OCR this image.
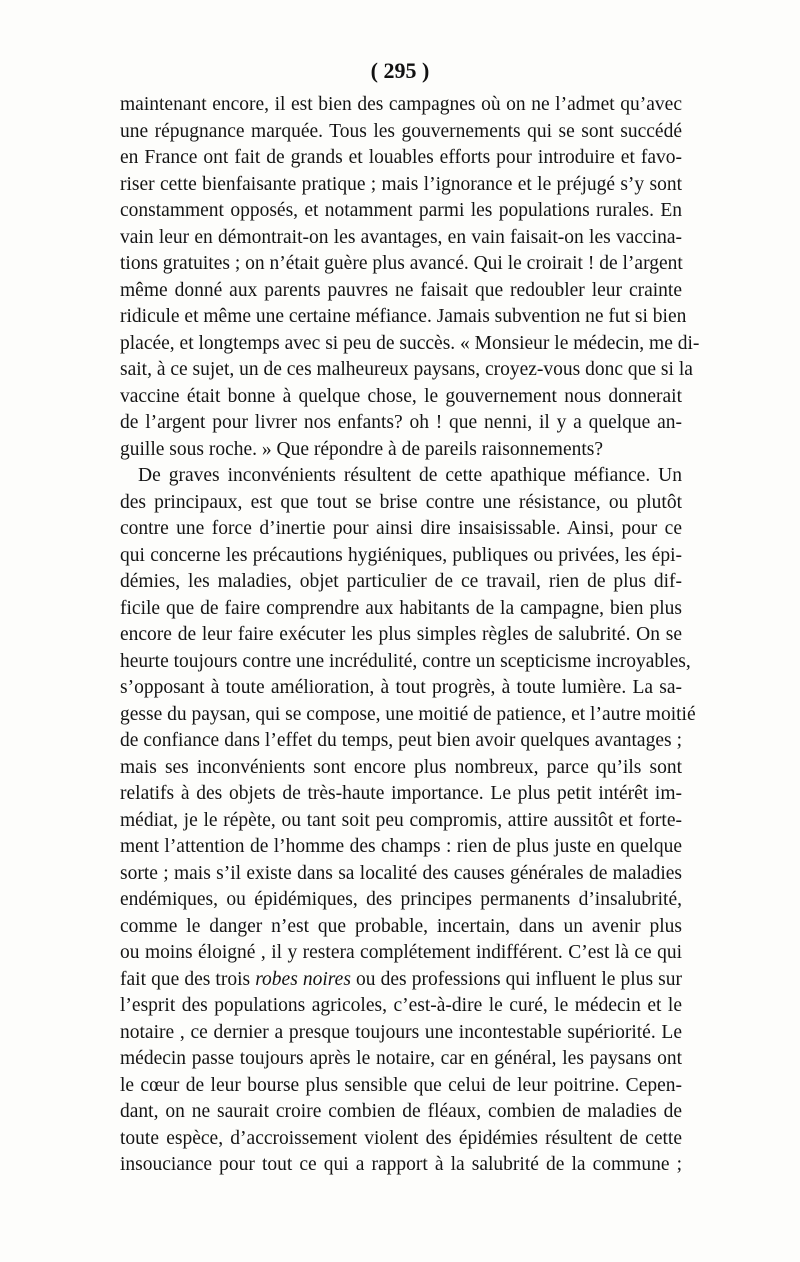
( 295 )
maintenant encore, il est bien des campagnes où on ne l’admet qu’avec
une répugnance marquée. Tous les gouvernements qui se sont succédé
en France ont fait de grands et louables efforts pour introduire et favo-
riser cette bienfaisante pratique ; mais l’ignorance et le préjugé s’y sont
constamment opposés, et notamment parmi les populations rurales. En
vain leur en démontrait-on les avantages, en vain faisait-on les vaccina-
tions gratuites ; on n’était guère plus avancé. Qui le croirait ! de l’argent
même donné aux parents pauvres ne faisait que redoubler leur crainte
ridicule et même une certaine méfiance. Jamais subvention ne fut si bien
placée, et longtemps avec si peu de succès. « Monsieur le médecin, me di-
sait, à ce sujet, un de ces malheureux paysans, croyez-vous donc que si la
vaccine était bonne à quelque chose, le gouvernement nous donnerait
de l’argent pour livrer nos enfants? oh ! que nenni, il y a quelque an-
guille sous roche. » Que répondre à de pareils raisonnements?
De graves inconvénients résultent de cette apathique méfiance. Un
des principaux, est que tout se brise contre une résistance, ou plutôt
contre une force d’inertie pour ainsi dire insaisissable. Ainsi, pour ce
qui concerne les précautions hygiéniques, publiques ou privées, les épi-
démies, les maladies, objet particulier de ce travail, rien de plus dif-
ficile que de faire comprendre aux habitants de la campagne, bien plus
encore de leur faire exécuter les plus simples règles de salubrité. On se
heurte toujours contre une incrédulité, contre un scepticisme incroyables,
s’opposant à toute amélioration, à tout progrès, à toute lumière. La sa-
gesse du paysan, qui se compose, une moitié de patience, et l’autre moitié
de confiance dans l’effet du temps, peut bien avoir quelques avantages ;
mais ses inconvénients sont encore plus nombreux, parce qu’ils sont
relatifs à des objets de très-haute importance. Le plus petit intérêt im-
médiat, je le répète, ou tant soit peu compromis, attire aussitôt et forte-
ment l’attention de l’homme des champs : rien de plus juste en quelque
sorte ; mais s’il existe dans sa localité des causes générales de maladies
endémiques, ou épidémiques, des principes permanents d’insalubrité,
comme le danger n’est que probable, incertain, dans un avenir plus
ou moins éloigné , il y restera complétement indifférent. C’est là ce qui
fait que des trois robes noires ou des professions qui influent le plus sur
l’esprit des populations agricoles, c’est-à-dire le curé, le médecin et le
notaire , ce dernier a presque toujours une incontestable supériorité. Le
médecin passe toujours après le notaire, car en général, les paysans ont
le cœur de leur bourse plus sensible que celui de leur poitrine. Cepen-
dant, on ne saurait croire combien de fléaux, combien de maladies de
toute espèce, d’accroissement violent des épidémies résultent de cette
insouciance pour tout ce qui a rapport à la salubrité de la commune ;
